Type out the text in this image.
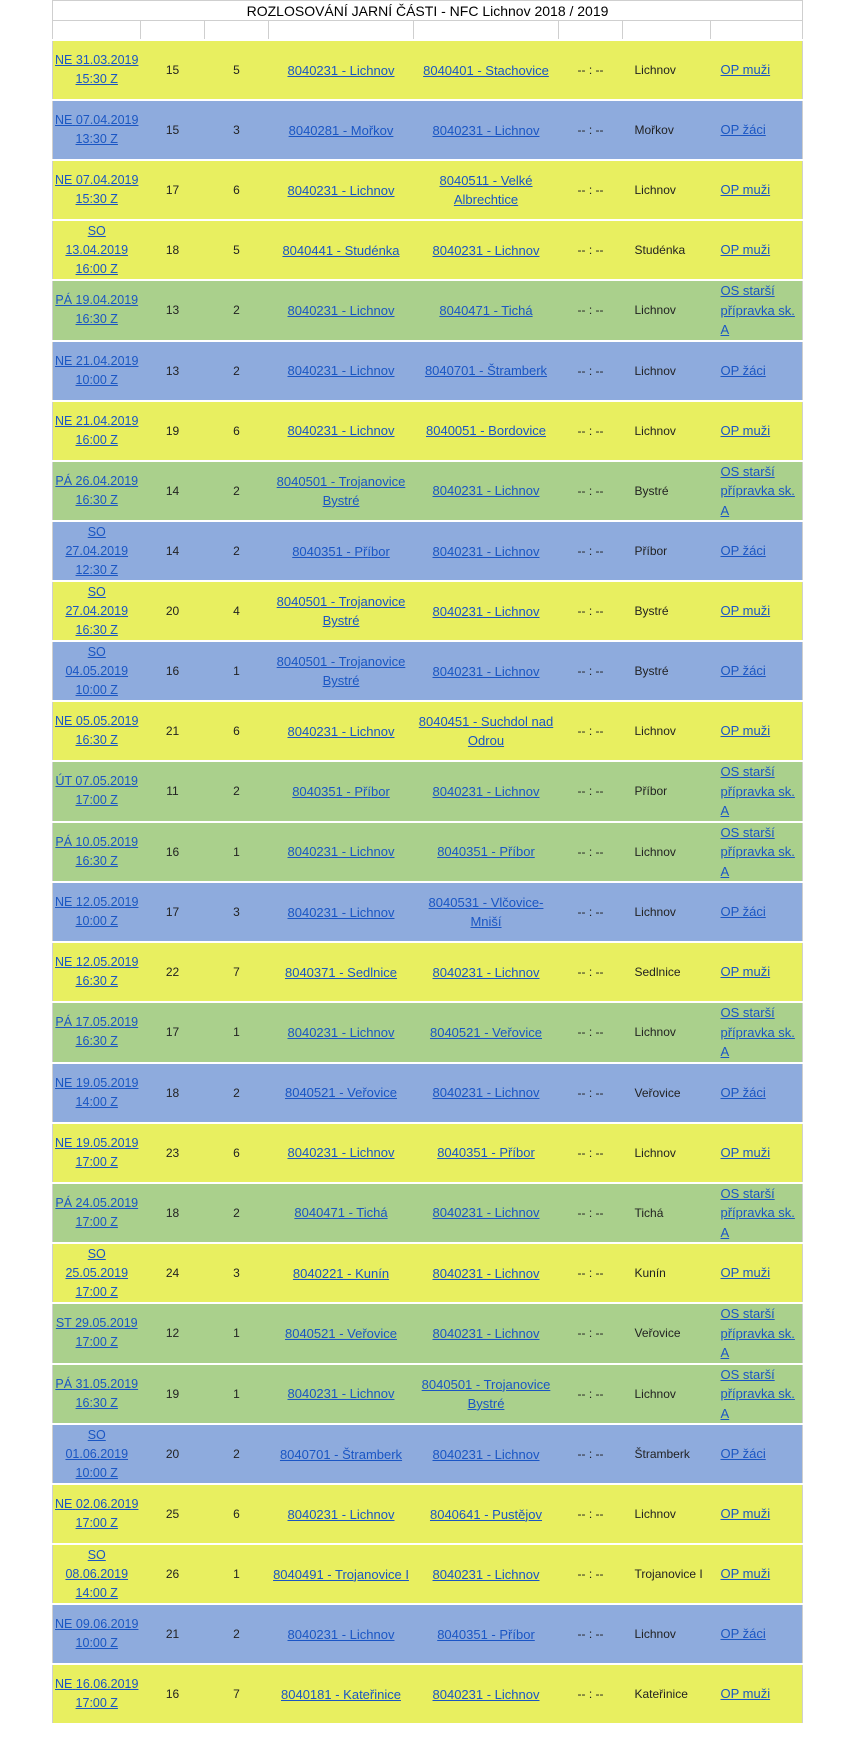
ROZLOSOVÁNÍ JARNÍ ČÁSTI - NFC Lichnov 2018 / 2019							

NE 31.03.2019
15:30 Z	15	5	8040231 - Lichnov	8040401 - Stachovice	-- : --	Lichnov	OP muži
NE 07.04.2019
13:30 Z	15	3	8040281 - Mořkov	8040231 - Lichnov	-- : --	Mořkov	OP žáci
NE 07.04.2019
15:30 Z	17	6	8040231 - Lichnov	8040511 - Velké Albrechtice	-- : --	Lichnov	OP muži
SO 13.04.2019
16:00 Z	18	5	8040441 - Studénka	8040231 - Lichnov	-- : --	Studénka	OP muži
PÁ 19.04.2019
16:30 Z	13	2	8040231 - Lichnov	8040471 - Tichá	-- : --	Lichnov	OS starší přípravka sk. A
NE 21.04.2019
10:00 Z	13	2	8040231 - Lichnov	8040701 - Štramberk	-- : --	Lichnov	OP žáci
NE 21.04.2019
16:00 Z	19	6	8040231 - Lichnov	8040051 - Bordovice	-- : --	Lichnov	OP muži
PÁ 26.04.2019
16:30 Z	14	2	8040501 - Trojanovice Bystré	8040231 - Lichnov	-- : --	Bystré	OS starší přípravka sk. A
SO 27.04.2019
12:30 Z	14	2	8040351 - Příbor	8040231 - Lichnov	-- : --	Příbor	OP žáci
SO 27.04.2019
16:30 Z	20	4	8040501 - Trojanovice Bystré	8040231 - Lichnov	-- : --	Bystré	OP muži
SO 04.05.2019
10:00 Z	16	1	8040501 - Trojanovice Bystré	8040231 - Lichnov	-- : --	Bystré	OP žáci
NE 05.05.2019
16:30 Z	21	6	8040231 - Lichnov	8040451 - Suchdol nad Odrou	-- : --	Lichnov	OP muži
ÚT 07.05.2019
17:00 Z	11	2	8040351 - Příbor	8040231 - Lichnov	-- : --	Příbor	OS starší přípravka sk. A
PÁ 10.05.2019
16:30 Z	16	1	8040231 - Lichnov	8040351 - Příbor	-- : --	Lichnov	OS starší přípravka sk. A
NE 12.05.2019
10:00 Z	17	3	8040231 - Lichnov	8040531 - Vlčovice-Mniší	-- : --	Lichnov	OP žáci
NE 12.05.2019
16:30 Z	22	7	8040371 - Sedlnice	8040231 - Lichnov	-- : --	Sedlnice	OP muži
PÁ 17.05.2019
16:30 Z	17	1	8040231 - Lichnov	8040521 - Veřovice	-- : --	Lichnov	OS starší přípravka sk. A
NE 19.05.2019
14:00 Z	18	2	8040521 - Veřovice	8040231 - Lichnov	-- : --	Veřovice	OP žáci
NE 19.05.2019
17:00 Z	23	6	8040231 - Lichnov	8040351 - Příbor	-- : --	Lichnov	OP muži
PÁ 24.05.2019
17:00 Z	18	2	8040471 - Tichá	8040231 - Lichnov	-- : --	Tichá	OS starší přípravka sk. A
SO 25.05.2019
17:00 Z	24	3	8040221 - Kunín	8040231 - Lichnov	-- : --	Kunín	OP muži
ST 29.05.2019
17:00 Z	12	1	8040521 - Veřovice	8040231 - Lichnov	-- : --	Veřovice	OS starší přípravka sk. A
PÁ 31.05.2019
16:30 Z	19	1	8040231 - Lichnov	8040501 - Trojanovice Bystré	-- : --	Lichnov	OS starší přípravka sk. A
SO 01.06.2019
10:00 Z	20	2	8040701 - Štramberk	8040231 - Lichnov	-- : --	Štramberk	OP žáci
NE 02.06.2019
17:00 Z	25	6	8040231 - Lichnov	8040641 - Pustějov	-- : --	Lichnov	OP muži
SO 08.06.2019
14:00 Z	26	1	8040491 - Trojanovice I	8040231 - Lichnov	-- : --	Trojanovice I	OP muži
NE 09.06.2019
10:00 Z	21	2	8040231 - Lichnov	8040351 - Příbor	-- : --	Lichnov	OP žáci
NE 16.06.2019
17:00 Z	16	7	8040181 - Kateřinice	8040231 - Lichnov	-- : --	Kateřinice	OP muži
